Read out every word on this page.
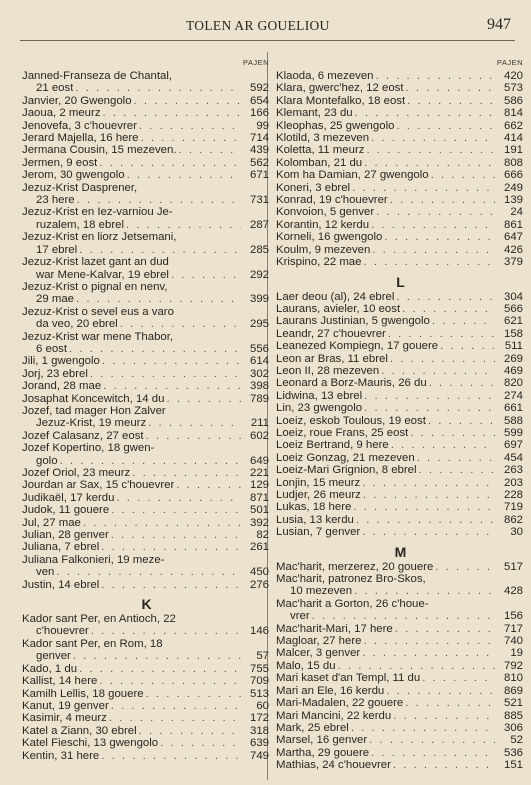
TOLEN AR GOUELIOU	947
PAJEN
Janned-Franseza de Chantal,
21 eost . . .	592
Janvier, 20 Gwengolo . . .	654
Jaoua, 2 meurz . . .	166
Jenovefa, 3 c'houevrer . . .	99
Jerard Majella, 16 here . . .	714
Jermana Cousin, 15 mezeven. . . .	439
Jermen, 9 eost . . .	562
Jerom, 30 gwengolo . . .	671
Jezuz-Krist Dasprener,
23 here . . .	731
Jezuz-Krist en Iez-varniou Je-
ruzalem, 18 ebrel . . .	287
Jezuz-Krist en liorz Jetsemani,
17 ebrel . . .	285
Jezuz-Krist lazet gant an dud
war Mene-Kalvar, 19 ebrel . . .	292
Jezuz-Krist o pignal en nenv,
29 mae . . .	399
Jezuz-Krist o sevel eus a varo
da veo, 20 ebrel . . .	295
Jezuz-Krist war mene Thabor,
6 eost . . .	556
Jili, 1 gwengolo . . .	614
Jorj, 23 ebrel . . .	302
Jorand, 28 mae . . .	398
Josaphat Koncewitch, 14 du . . .	789
Jozef, tad mager Hon Zalver
Jezuz-Krist, 19 meurz . . .	211
Jozef Calasanz, 27 eost . . .	602
Jozef Kopertino, 18 gwen-
golo . . .	649
Jozef Oriol, 23 meurz . . .	221
Jourdan ar Sax, 15 c'houevrer . . .	129
Judikaël, 17 kerdu . . .	871
Judok, 11 gouere . . .	501
Jul, 27 mae . . .	392
Julian, 28 genver . . .	82
Juliana, 7 ebrel . . .	261
Juliana Falkonieri, 19 meze-
ven . . .	450
Justin, 14 ebrel . . .	276
K
Kador sant Per, en Antioch, 22
c'houevrer . . .	146
Kador sant Per, en Rom, 18
genver . . .	57
Kado, 1 du . . .	755
Kallist, 14 here . . .	709
Kamilh Lellis, 18 gouere . . .	513
Kanut, 19 genver . . .	60
Kasimir, 4 meurz . . .	172
Katel a Ziann, 30 ebrel . . .	318
Katel Fieschi, 13 gwengolo . . .	639
Kentin, 31 here . . .	749
PAJEN
Klaoda, 6 mezeven . . .	420
Klara, gwerc'hez, 12 eost . . .	573
Klara Montefalko, 18 eost . . .	586
Klemant, 23 du . . .	814
Kleophas, 25 gwengolo . . .	662
Klotild, 3 mezeven . . .	414
Koletta, 11 meurz . . .	191
Kolomban, 21 du . . .	808
Kom ha Damian, 27 gwengolo . . .	666
Koneri, 3 ebrel . . .	249
Konrad, 19 c'houevrer . . .	139
Konvoion, 5 genver . . .	24
Korantin, 12 kerdu . . .	861
Korneli, 16 gwengolo . . .	647
Koulm, 9 mezeven . . .	426
Krispino, 22 mae . . .	379
L
Laer deou (al), 24 ebrel . . .	304
Laurans, avieler, 10 eost . . .	566
Laurans Justinian, 5 gwengolo . . .	621
Leandr, 27 c'houevrer . . .	158
Leanezed Kompiegn, 17 gouere . . .	511
Leon ar Bras, 11 ebrel . . .	269
Leon II, 28 mezeven . . .	469
Leonard a Borz-Mauris, 26 du . . .	820
Lidwina, 13 ebrel . . .	274
Lin, 23 gwengolo . . .	661
Loeiz, eskob Toulous, 19 eost . . .	588
Loeiz, roue Frans, 25 eost . . .	599
Loeiz Bertrand, 9 here . . .	697
Loeiz Gonzag, 21 mezeven . . .	454
Loeiz-Mari Grignion, 8 ebrel . . .	263
Lonjin, 15 meurz . . .	203
Ludjer, 26 meurz . . .	228
Lukas, 18 here . . .	719
Lusia, 13 kerdu . . .	862
Lusian, 7 genver . . .	30
M
Mac'harit, merzerez, 20 gouere . . .	517
Mac'harit, patronez Bro-Skos,
10 mezeven . . .	428
Mac'harit a Gorton, 26 c'houe-
vrer . . .	156
Mac'harit-Mari, 17 here . . .	717
Magloar, 27 here . . .	740
Malcer, 3 genver . . .	19
Malo, 15 du . . .	792
Mari kaset d'an Templ, 11 du . . .	810
Mari an Ele, 16 kerdu . . .	869
Mari-Madalen, 22 gouere . . .	521
Mari Mancini, 22 kerdu . . .	885
Mark, 25 ebrel . . .	306
Marsel, 16 genver . . .	52
Martha, 29 gouere . . .	536
Mathias, 24 c'houevrer . . .	151
